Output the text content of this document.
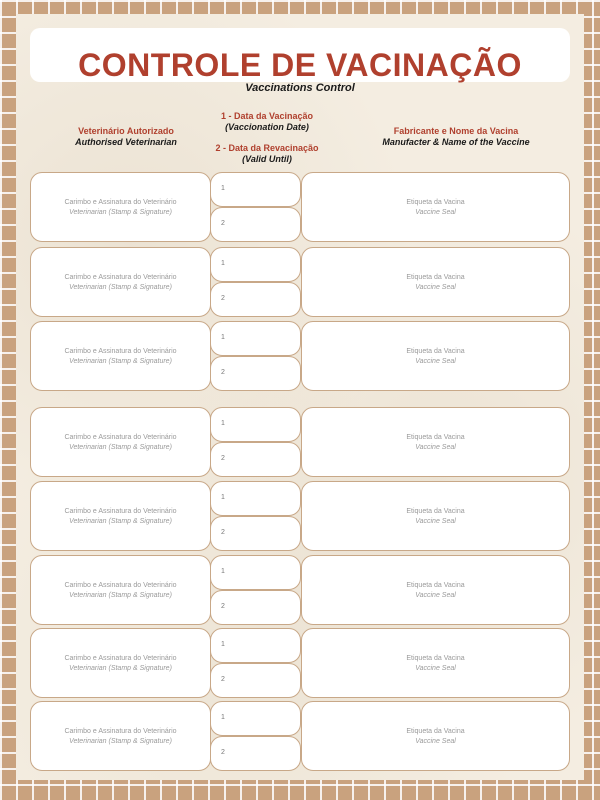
CONTROLE DE VACINAÇÃO
Vaccinations Control
Veterinário Autorizado
Authorised Veterinarian
1 - Data da Vacinação
(Vaccionation Date)
2 - Data da Revacinação
(Valid Until)
Fabricante e Nome da Vacina
Manufacter & Name of the Vaccine
Carimbo e Assinatura do Veterinário
Veterinarian (Stamp & Signature)
1
2
Etiqueta da Vacina
Vaccine Seal
Carimbo e Assinatura do Veterinário
Veterinarian (Stamp & Signature)
1
2
Etiqueta da Vacina
Vaccine Seal
Carimbo e Assinatura do Veterinário
Veterinarian (Stamp & Signature)
1
2
Etiqueta da Vacina
Vaccine Seal
Carimbo e Assinatura do Veterinário
Veterinarian (Stamp & Signature)
1
2
Etiqueta da Vacina
Vaccine Seal
Carimbo e Assinatura do Veterinário
Veterinarian (Stamp & Signature)
1
2
Etiqueta da Vacina
Vaccine Seal
Carimbo e Assinatura do Veterinário
Veterinarian (Stamp & Signature)
1
2
Etiqueta da Vacina
Vaccine Seal
Carimbo e Assinatura do Veterinário
Veterinarian (Stamp & Signature)
1
2
Etiqueta da Vacina
Vaccine Seal
Carimbo e Assinatura do Veterinário
Veterinarian (Stamp & Signature)
1
2
Etiqueta da Vacina
Vaccine Seal
